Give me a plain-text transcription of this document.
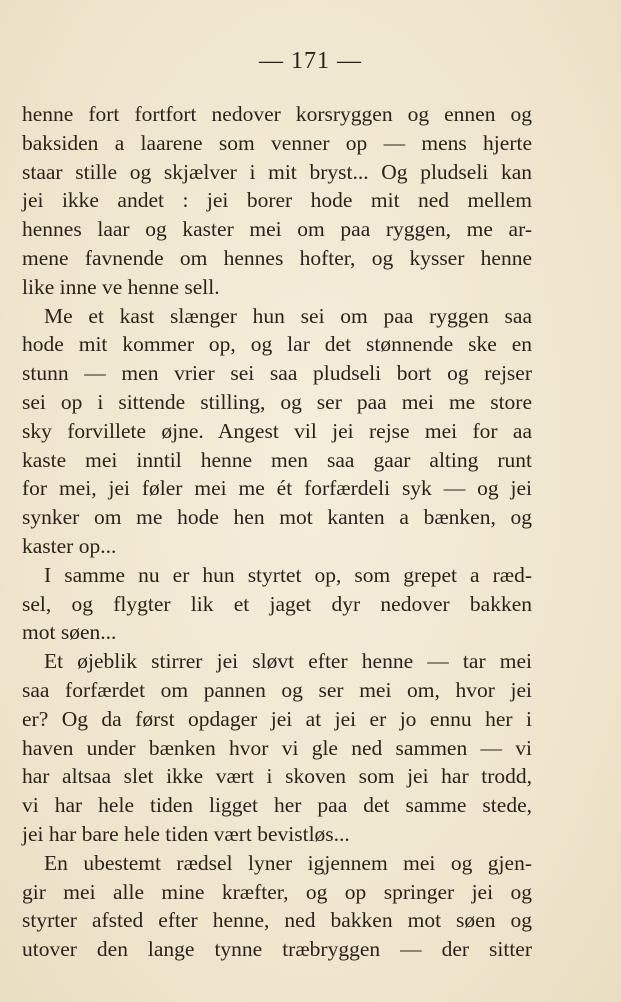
— 171 —
henne fort fortfort nedover korsryggen og ennen og
baksiden a laarene som venner op — mens hjerte
staar stille og skjælver i mit bryst... Og pludseli kan
jei ikke andet : jei borer hode mit ned mellem
hennes laar og kaster mei om paa ryggen, me ar-
mene favnende om hennes hofter, og kysser henne
like inne ve henne sell.
Me et kast slænger hun sei om paa ryggen saa
hode mit kommer op, og lar det stønnende ske en
stunn — men vrier sei saa pludseli bort og rejser
sei op i sittende stilling, og ser paa mei me store
sky forvillete øjne. Angest vil jei rejse mei for aa
kaste mei inntil henne men saa gaar alting runt
for mei, jei føler mei me ét forfærdeli syk — og jei
synker om me hode hen mot kanten a bænken, og
kaster op...
I samme nu er hun styrtet op, som grepet a ræd-
sel, og flygter lik et jaget dyr nedover bakken
mot søen...
Et øjeblik stirrer jei sløvt efter henne — tar mei
saa forfærdet om pannen og ser mei om, hvor jei
er? Og da først opdager jei at jei er jo ennu her i
haven under bænken hvor vi gle ned sammen — vi
har altsaa slet ikke vært i skoven som jei har trodd,
vi har hele tiden ligget her paa det samme stede,
jei har bare hele tiden vært bevistløs...
En ubestemt rædsel lyner igjennem mei og gjen-
gir mei alle mine kræfter, og op springer jei og
styrter afsted efter henne, ned bakken mot søen og
utover den lange tynne træbryggen — der sitter
